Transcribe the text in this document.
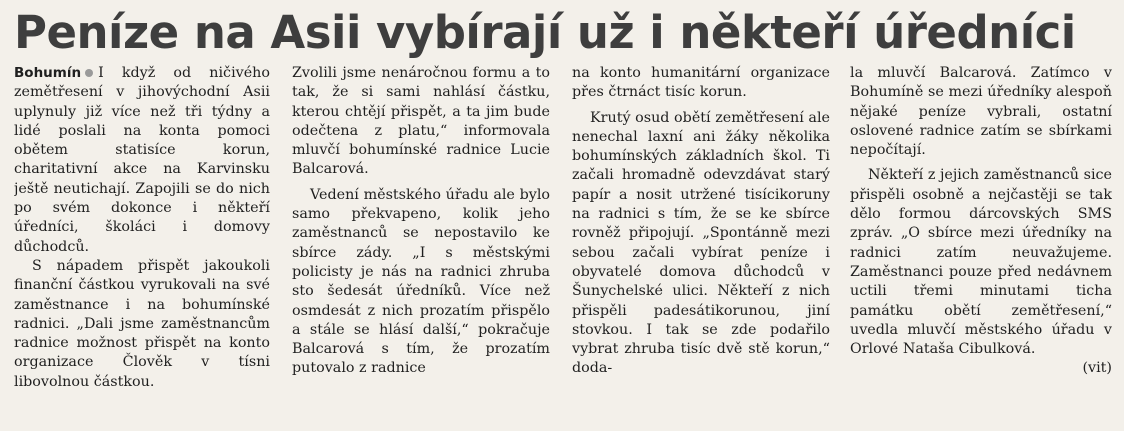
Peníze na Asii vybírají už i někteří úředníci

Bohumín I když od ničivého zemětřesení v jihovýchodní Asii uplynuly již více než tři týdny a lidé poslali na konta pomoci obětem statisíce korun, charitativní akce na Karvinsku ještě neutichají. Zapojili se do nich po svém dokonce i někteří úředníci, školáci i domovy důchodců.

S nápadem přispět jakoukoli finanční částkou vyrukovali na své zaměstnance i na bohumínské radnici. „Dali jsme zaměstnancům radnice možnost přispět na konto organizace Člověk v tísni libovolnou částkou.

Zvolili jsme nenáročnou formu a to tak, že si sami nahlásí částku, kterou chtějí přispět, a ta jim bude odečtena z platu,“ informovala mluvčí bohumínské radnice Lucie Balcarová.

Vedení městského úřadu ale bylo samo překvapeno, kolik jeho zaměstnanců se nepostavilo ke sbírce zády. „I s městskými policisty je nás na radnici zhruba sto šedesát úředníků. Více než osmdesát z nich prozatím přispělo a stále se hlásí další,“ pokračuje Balcarová s tím, že prozatím putovalo z radnice

na konto humanitární organizace přes čtrnáct tisíc korun.

Krutý osud obětí zemětřesení ale nenechal laxní ani žáky několika bohumínských základních škol. Ti začali hromadně odevzdávat starý papír a nosit utržené tisícikoruny na radnici s tím, že se ke sbírce rovněž připojují. „Spontánně mezi sebou začali vybírat peníze i obyvatelé domova důchodců v Šunychelské ulici. Někteří z nich přispěli padesátikorunou, jiní stovkou. I tak se zde podařilo vybrat zhruba tisíc dvě stě korun,“ doda-

la mluvčí Balcarová. Zatímco v Bohumíně se mezi úředníky alespoň nějaké peníze vybrali, ostatní oslovené radnice zatím se sbírkami nepočítají.

Někteří z jejich zaměstnanců sice přispěli osobně a nejčastěji se tak dělo formou dárcovských SMS zpráv. „O sbírce mezi úředníky na radnici zatím neuvažujeme. Zaměstnanci pouze před nedávnem uctili třemi minutami ticha památku obětí zemětřesení,“ uvedla mluvčí městského úřadu v Orlové Nataša Cibulková.

(vit)
